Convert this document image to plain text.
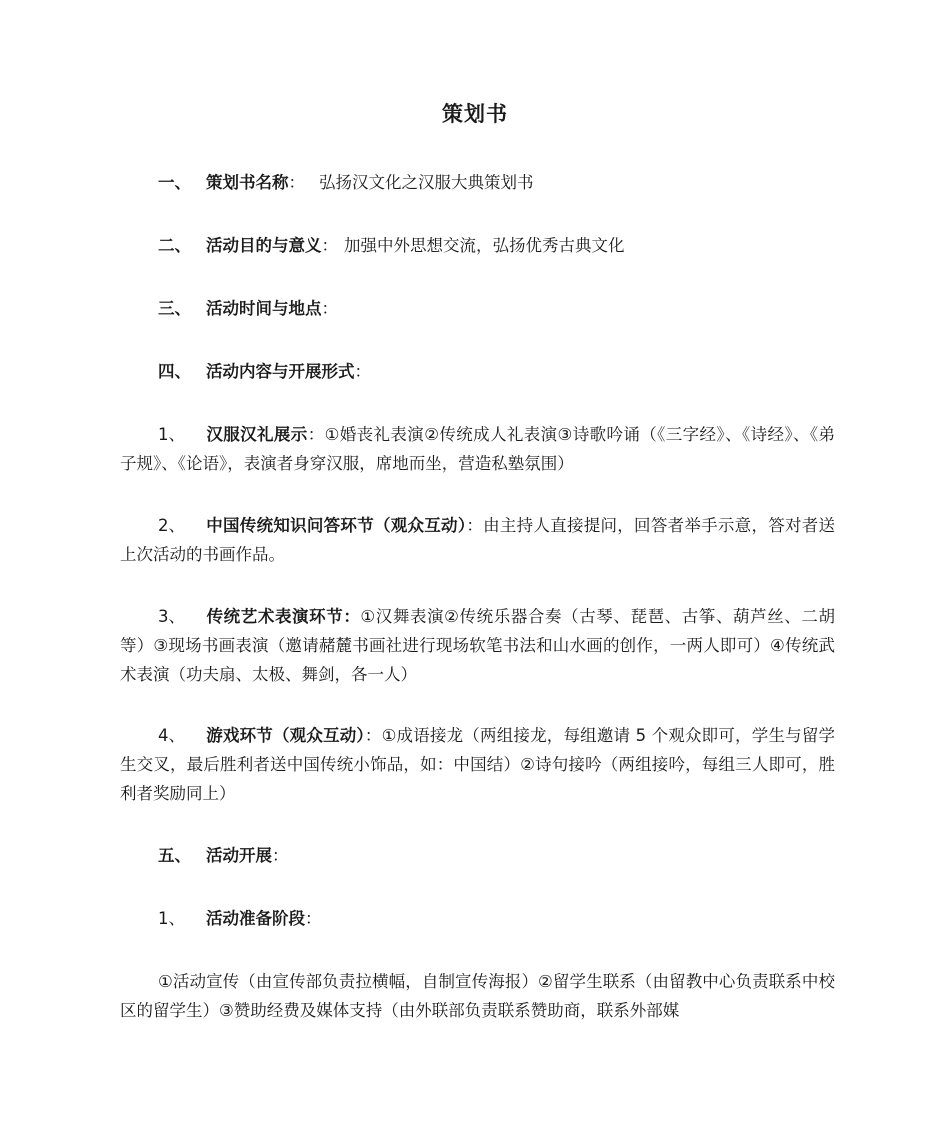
策划书
一、 策划书名称： 弘扬汉文化之汉服大典策划书
二、 活动目的与意义： 加强中外思想交流，弘扬优秀古典文化
三、 活动时间与地点：
四、 活动内容与开展形式：
1、 汉服汉礼展示：①婚丧礼表演②传统成人礼表演③诗歌吟诵（《三字经》、《诗经》、《弟子规》、《论语》，表演者身穿汉服，席地而坐，营造私塾氛围）
2、 中国传统知识问答环节（观众互动）：由主持人直接提问，回答者举手示意，答对者送上次活动的书画作品。
3、 传统艺术表演环节：①汉舞表演②传统乐器合奏（古琴、琵琶、古筝、葫芦丝、二胡等）③现场书画表演（邀请赭麓书画社进行现场软笔书法和山水画的创作，一两人即可）④传统武术表演（功夫扇、太极、舞剑，各一人）
4、 游戏环节（观众互动）：①成语接龙（两组接龙，每组邀请 5 个观众即可，学生与留学生交叉，最后胜利者送中国传统小饰品，如：中国结）②诗句接吟（两组接吟，每组三人即可，胜利者奖励同上）
五、 活动开展：
1、 活动准备阶段：
①活动宣传（由宣传部负责拉横幅，自制宣传海报）②留学生联系（由留教中心负责联系中校区的留学生）③赞助经费及媒体支持（由外联部负责联系赞助商，联系外部媒
